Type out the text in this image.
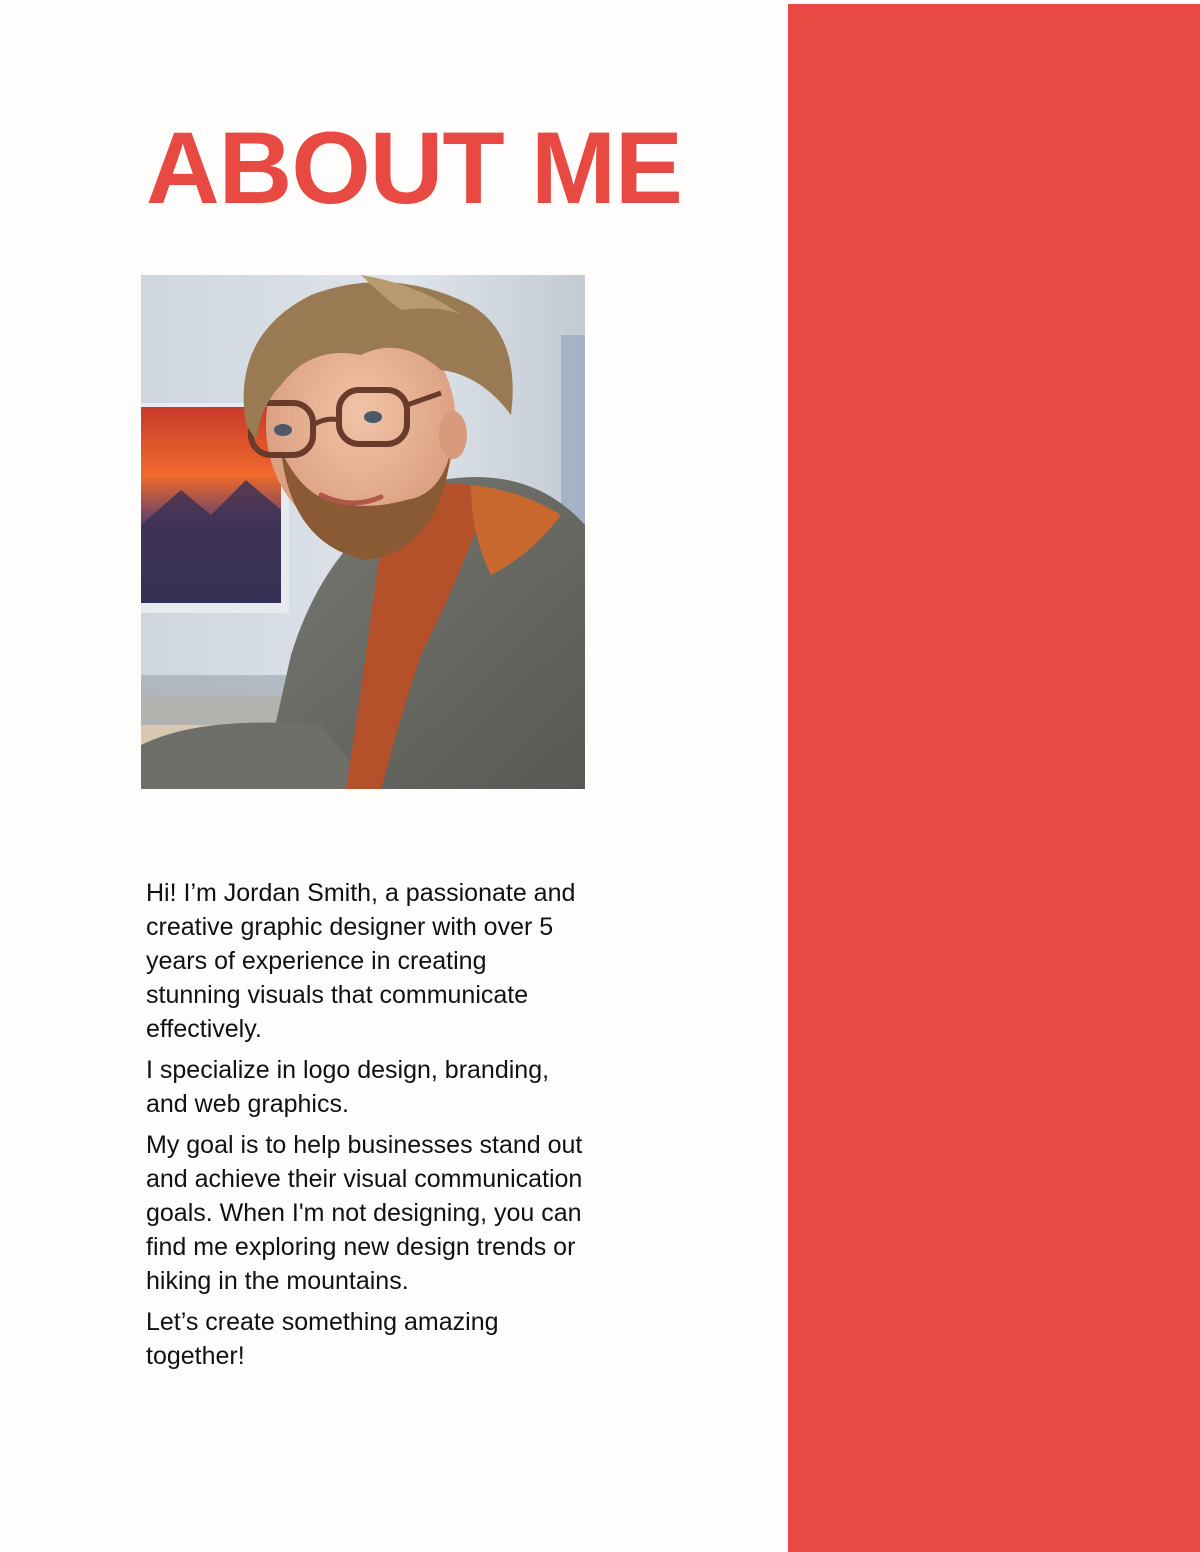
ABOUT ME

Hi! I’m Jordan Smith, a passionate and creative graphic designer with over 5 years of experience in creating stunning visuals that communicate effectively.

I specialize in logo design, branding, and web graphics.

My goal is to help businesses stand out and achieve their visual communication goals. When I'm not designing, you can find me exploring new design trends or hiking in the mountains.

Let’s create something amazing together!
